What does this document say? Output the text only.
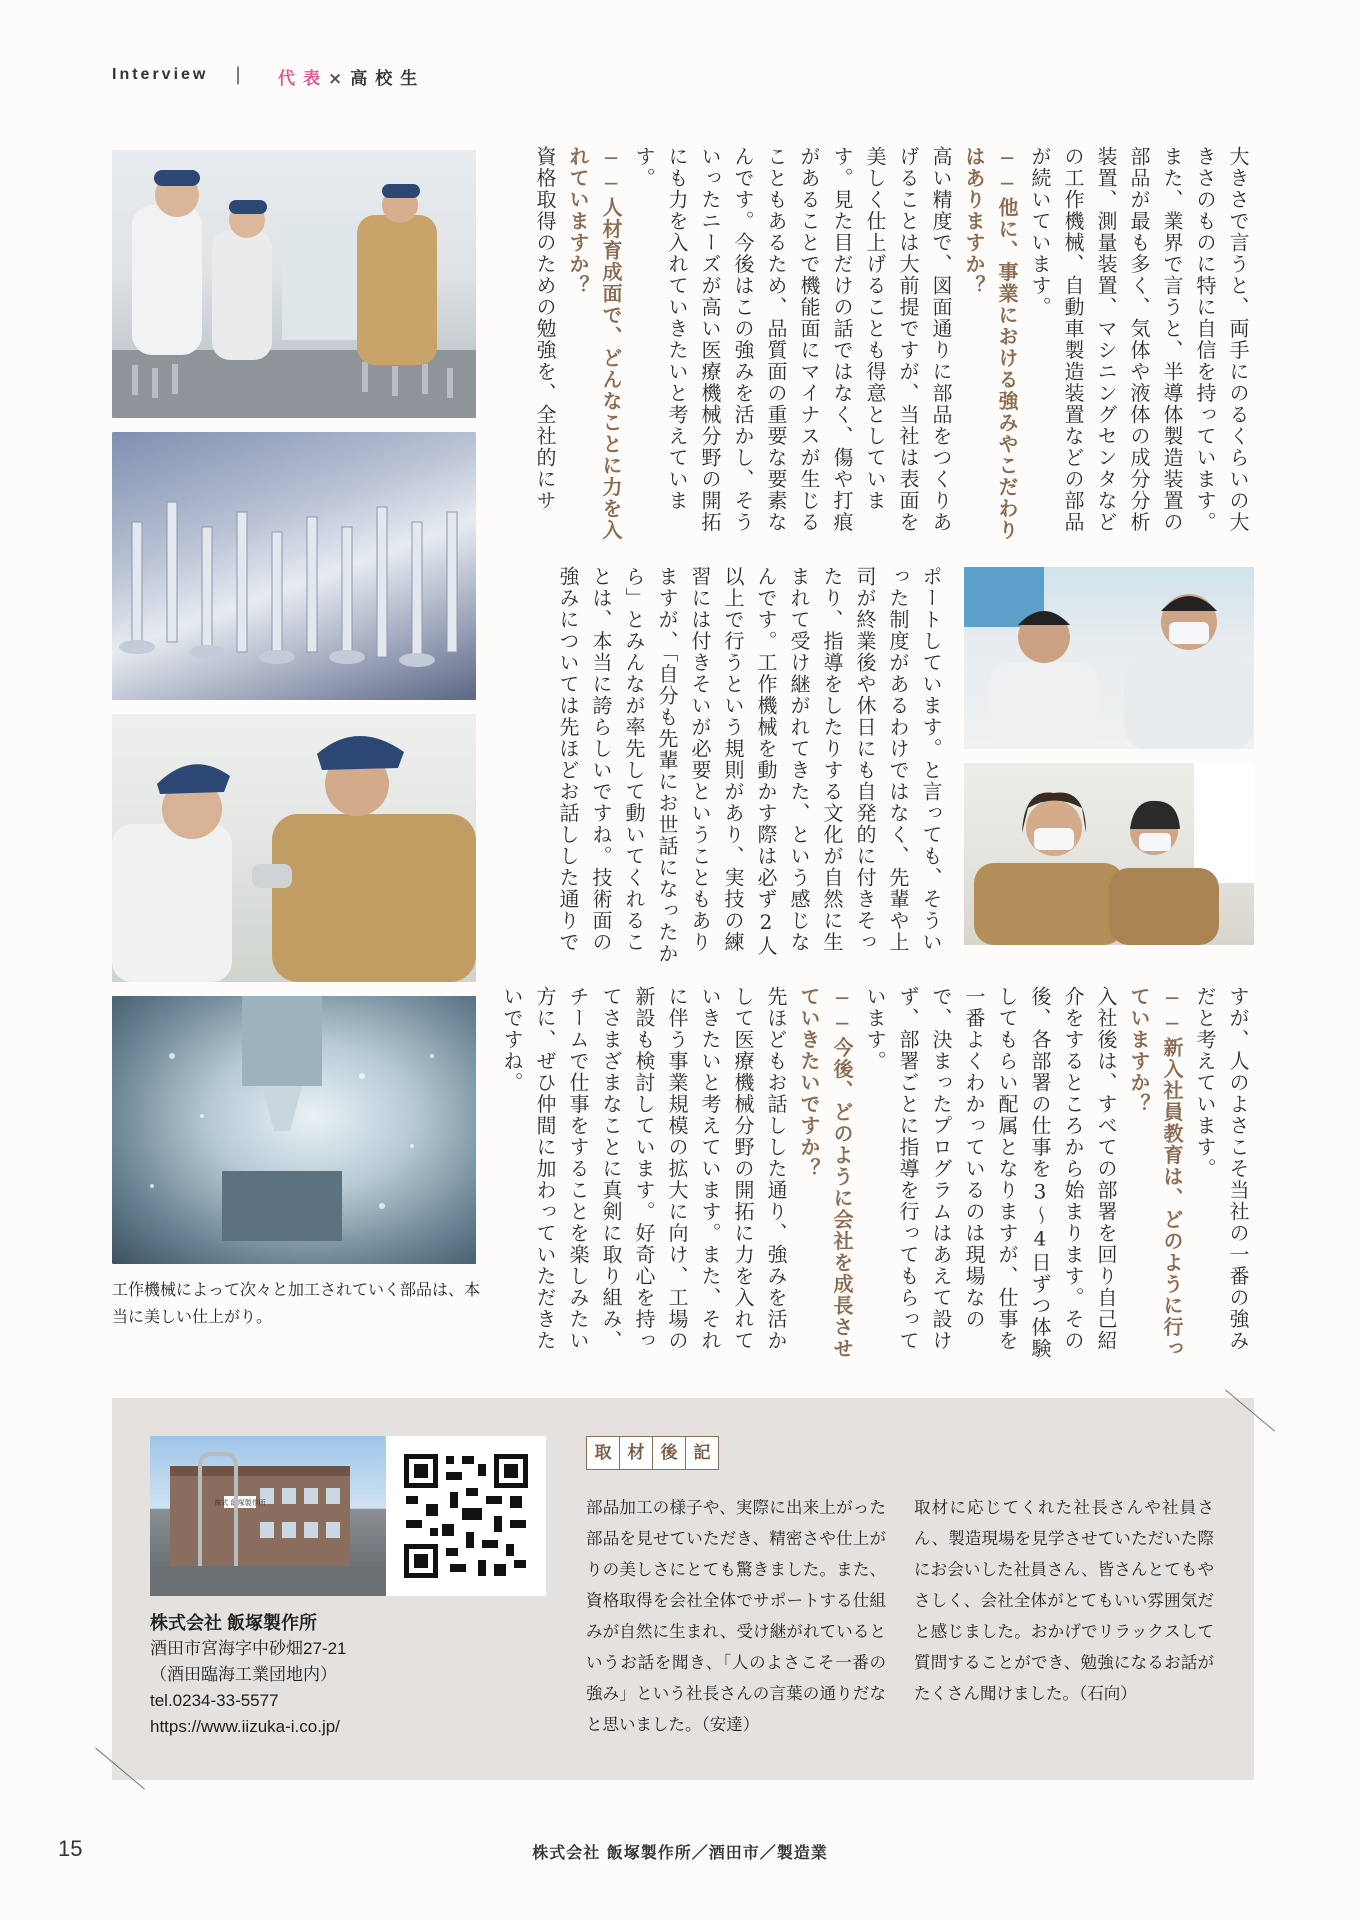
Interview | 代表×高校生
工作機械によって次々と加工されていく部品は、本当に美しい仕上がり。
大きさで言うと、両手にのるくらいの大きさのものに特に自信を持っています。また、業界で言うと、半導体製造装置の部品が最も多く、気体や液体の成分分析装置、測量装置、マシニングセンタなどの工作機械、自動車製造装置などの部品が続いています。
──他に、事業における強みやこだわりはありますか？
高い精度で、図面通りに部品をつくりあげることは大前提ですが、当社は表面を美しく仕上げることも得意としています。見た目だけの話ではなく、傷や打痕があることで機能面にマイナスが生じることもあるため、品質面の重要な要素なんです。今後はこの強みを活かし、そういったニーズが高い医療機械分野の開拓にも力を入れていきたいと考えています。
──人材育成面で、どんなことに力を入れていますか？
資格取得のための勉強を、全社的にサ
ポートしています。と言っても、そういった制度があるわけではなく、先輩や上司が終業後や休日にも自発的に付きそったり、指導をしたりする文化が自然に生まれて受け継がれてきた、という感じなんです。工作機械を動かす際は必ず2人以上で行うという規則があり、実技の練習には付きそいが必要ということもありますが、「自分も先輩にお世話になったから」とみんなが率先して動いてくれることは、本当に誇らしいですね。技術面の強みについては先ほどお話しした通りで
すが、人のよさこそ当社の一番の強みだと考えています。
──新入社員教育は、どのように行っていますか？
入社後は、すべての部署を回り自己紹介をするところから始まります。その後、各部署の仕事を3〜4日ずつ体験してもらい配属となりますが、仕事を一番よくわかっているのは現場なので、決まったプログラムはあえて設けず、部署ごとに指導を行ってもらっています。
──今後、どのように会社を成長させていきたいですか？
先ほどもお話しした通り、強みを活かして医療機械分野の開拓に力を入れていきたいと考えています。また、それに伴う事業規模の拡大に向け、工場の新設も検討しています。好奇心を持ってさまざまなことに真剣に取り組み、チームで仕事をすることを楽しみたい方に、ぜひ仲間に加わっていただきたいですね。
株式 飯塚製作所
株式会社 飯塚製作所
酒田市宮海字中砂畑27-21
（酒田臨海工業団地内）
tel.0234-33-5577
https://www.iizuka-i.co.jp/
取 材 後 記
部品加工の様子や、実際に出来上がった部品を見せていただき、精密さや仕上がりの美しさにとても驚きました。また、資格取得を会社全体でサポートする仕組みが自然に生まれ、受け継がれているというお話を聞き、「人のよさこそ一番の強み」という社長さんの言葉の通りだなと思いました。（安達）
取材に応じてくれた社長さんや社員さん、製造現場を見学させていただいた際にお会いした社員さん、皆さんとてもやさしく、会社全体がとてもいい雰囲気だと感じました。おかげでリラックスして質問することができ、勉強になるお話がたくさん聞けました。（石向）
15	株式会社 飯塚製作所／酒田市／製造業
